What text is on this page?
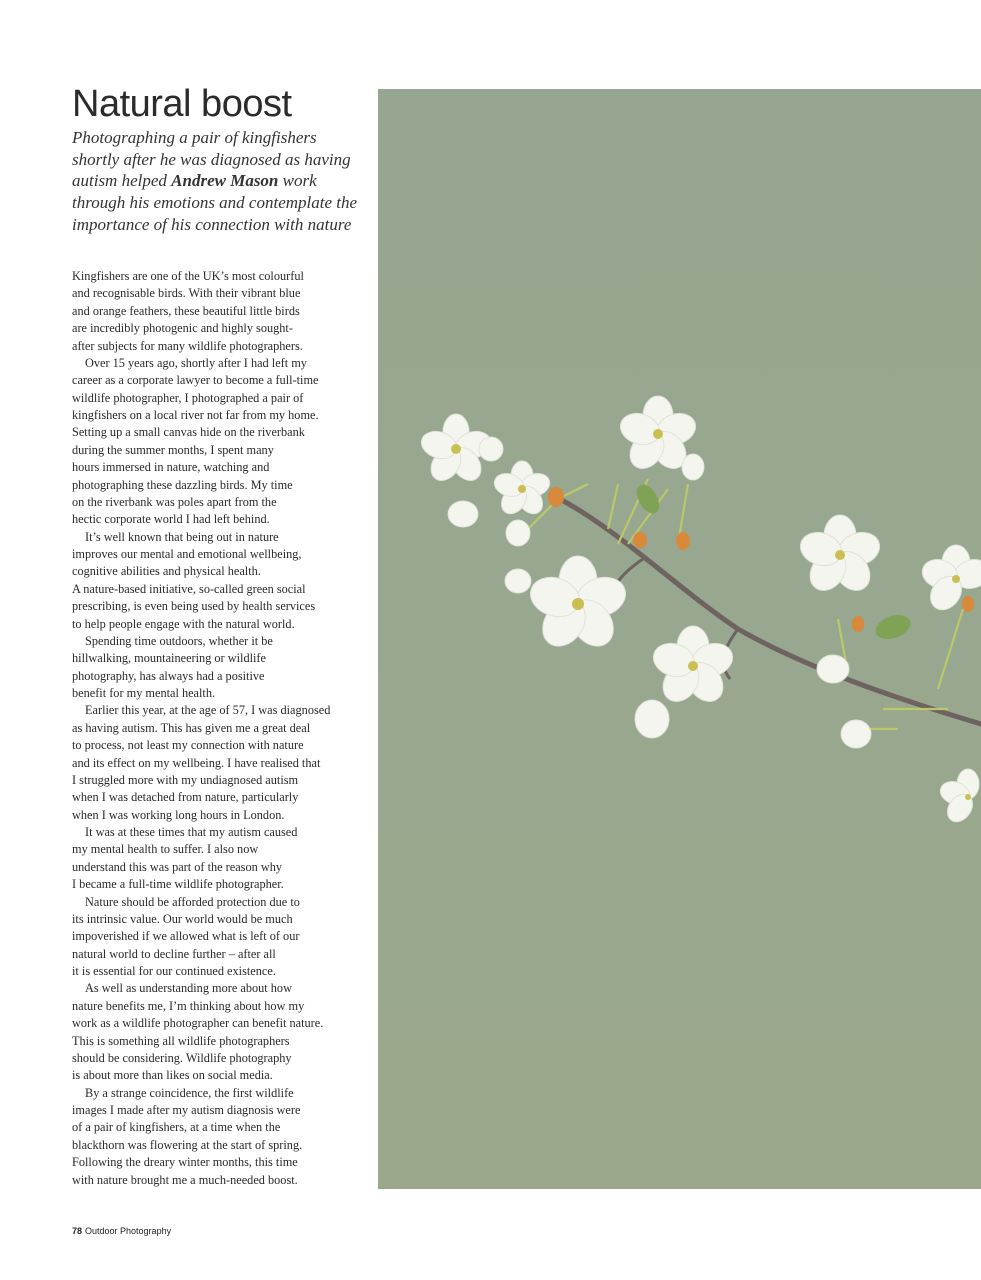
Natural boost

Photographing a pair of kingfishers shortly after he was diagnosed as having autism helped Andrew Mason work through his emotions and contemplate the importance of his connection with nature

Kingfishers are one of the UK’s most colourful
and recognisable birds. With their vibrant blue
and orange feathers, these beautiful little birds
are incredibly photogenic and highly sought-
after subjects for many wildlife photographers.
Over 15 years ago, shortly after I had left my
career as a corporate lawyer to become a full-time
wildlife photographer, I photographed a pair of
kingfishers on a local river not far from my home.
Setting up a small canvas hide on the riverbank
during the summer months, I spent many
hours immersed in nature, watching and
photographing these dazzling birds. My time
on the riverbank was poles apart from the
hectic corporate world I had left behind.
It’s well known that being out in nature
improves our mental and emotional wellbeing,
cognitive abilities and physical health.
A nature-based initiative, so-called green social
prescribing, is even being used by health services
to help people engage with the natural world.
Spending time outdoors, whether it be
hillwalking, mountaineering or wildlife
photography, has always had a positive
benefit for my mental health.
Earlier this year, at the age of 57, I was diagnosed
as having autism. This has given me a great deal
to process, not least my connection with nature
and its effect on my wellbeing. I have realised that
I struggled more with my undiagnosed autism
when I was detached from nature, particularly
when I was working long hours in London.
It was at these times that my autism caused
my mental health to suffer. I also now
understand this was part of the reason why
I became a full-time wildlife photographer.
Nature should be afforded protection due to
its intrinsic value. Our world would be much
impoverished if we allowed what is left of our
natural world to decline further – after all
it is essential for our continued existence.
As well as understanding more about how
nature benefits me, I’m thinking about how my
work as a wildlife photographer can benefit nature.
This is something all wildlife photographers
should be considering. Wildlife photography
is about more than likes on social media.
By a strange coincidence, the first wildlife
images I made after my autism diagnosis were
of a pair of kingfishers, at a time when the
blackthorn was flowering at the start of spring.
Following the dreary winter months, this time
with nature brought me a much-needed boost.
78 Outdoor Photography
